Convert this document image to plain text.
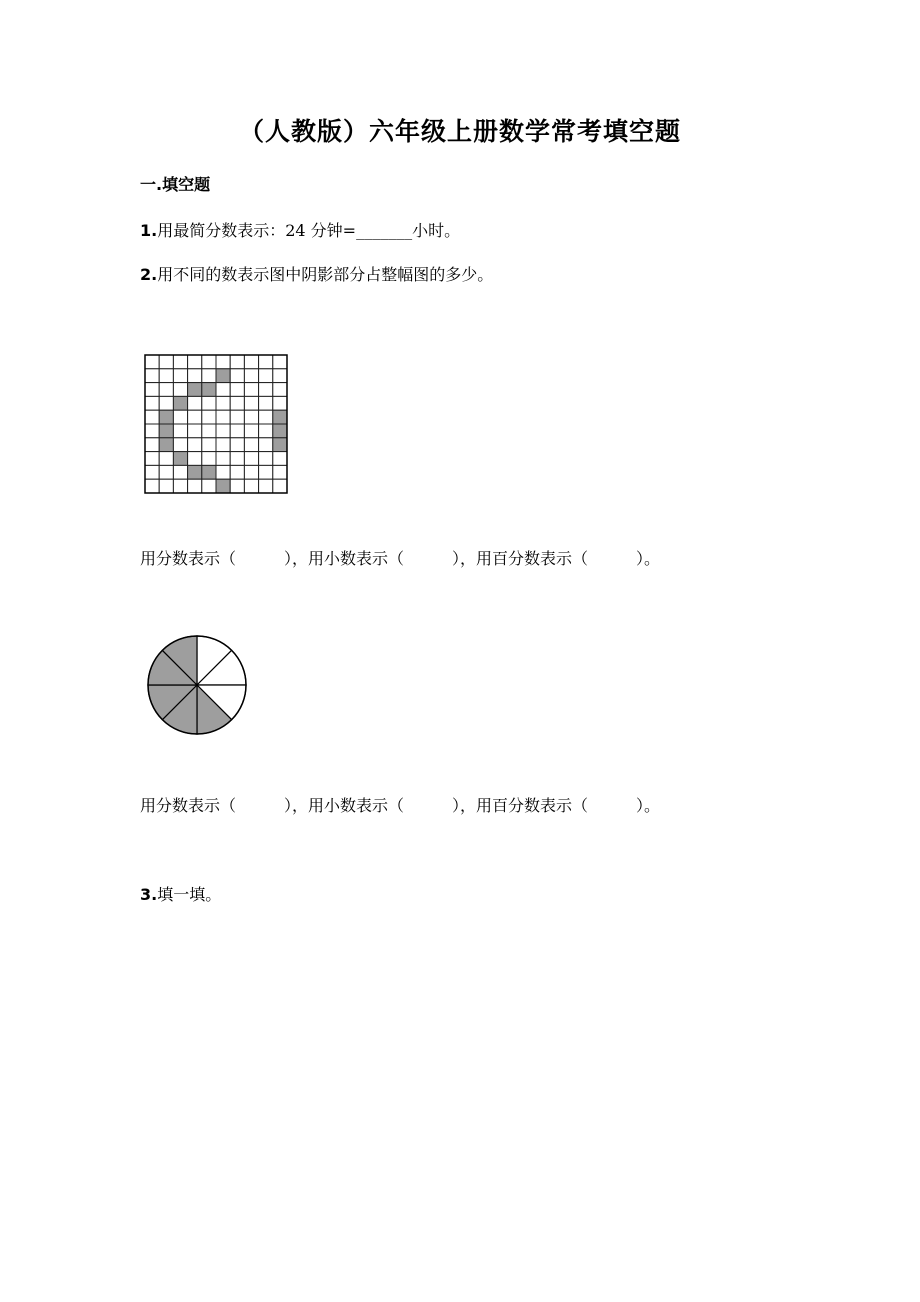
（人教版）六年级上册数学常考填空题
一.填空题
1.用最简分数表示：24 分钟=_______小时。
2.用不同的数表示图中阴影部分占整幅图的多少。
用分数表示（　　　），用小数表示（　　　），用百分数表示（　　　）。
用分数表示（　　　），用小数表示（　　　），用百分数表示（　　　）。
3.填一填。
